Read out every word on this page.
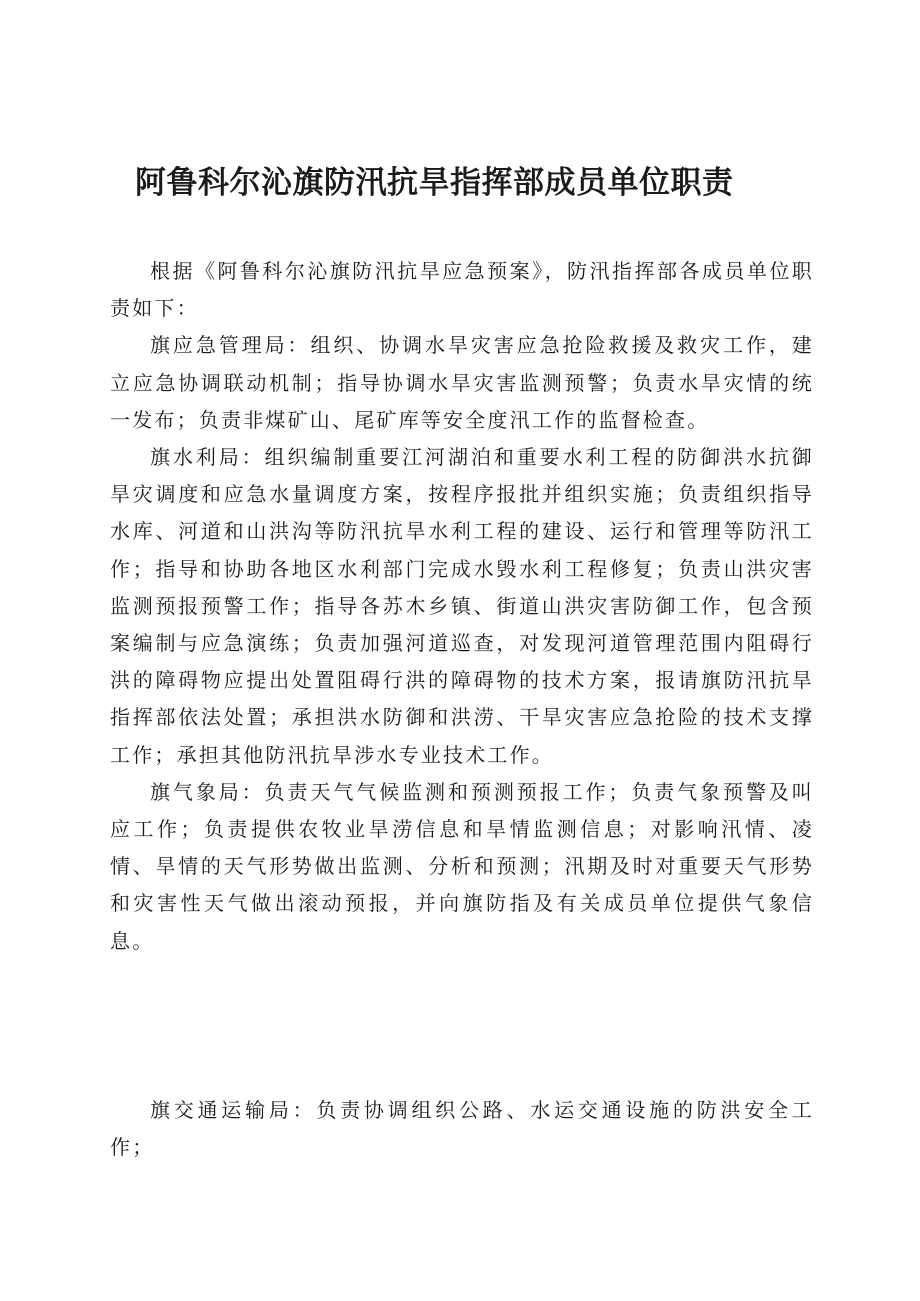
阿鲁科尔沁旗防汛抗旱指挥部成员单位职责

根据《阿鲁科尔沁旗防汛抗旱应急预案》，防汛指挥部各成员单位职责如下：

旗应急管理局：组织、协调水旱灾害应急抢险救援及救灾工作，建立应急协调联动机制；指导协调水旱灾害监测预警；负责水旱灾情的统一发布；负责非煤矿山、尾矿库等安全度汛工作的监督检查。

旗水利局：组织编制重要江河湖泊和重要水利工程的防御洪水抗御旱灾调度和应急水量调度方案，按程序报批并组织实施；负责组织指导水库、河道和山洪沟等防汛抗旱水利工程的建设、运行和管理等防汛工作；指导和协助各地区水利部门完成水毁水利工程修复；负责山洪灾害监测预报预警工作；指导各苏木乡镇、街道山洪灾害防御工作，包含预案编制与应急演练；负责加强河道巡查，对发现河道管理范围内阻碍行洪的障碍物应提出处置阻碍行洪的障碍物的技术方案，报请旗防汛抗旱指挥部依法处置；承担洪水防御和洪涝、干旱灾害应急抢险的技术支撑工作；承担其他防汛抗旱涉水专业技术工作。

旗气象局：负责天气气候监测和预测预报工作；负责气象预警及叫应工作；负责提供农牧业旱涝信息和旱情监测信息；对影响汛情、凌情、旱情的天气形势做出监测、分析和预测；汛期及时对重要天气形势和灾害性天气做出滚动预报，并向旗防指及有关成员单位提供气象信息。

旗交通运输局：负责协调组织公路、水运交通设施的防洪安全工作；
